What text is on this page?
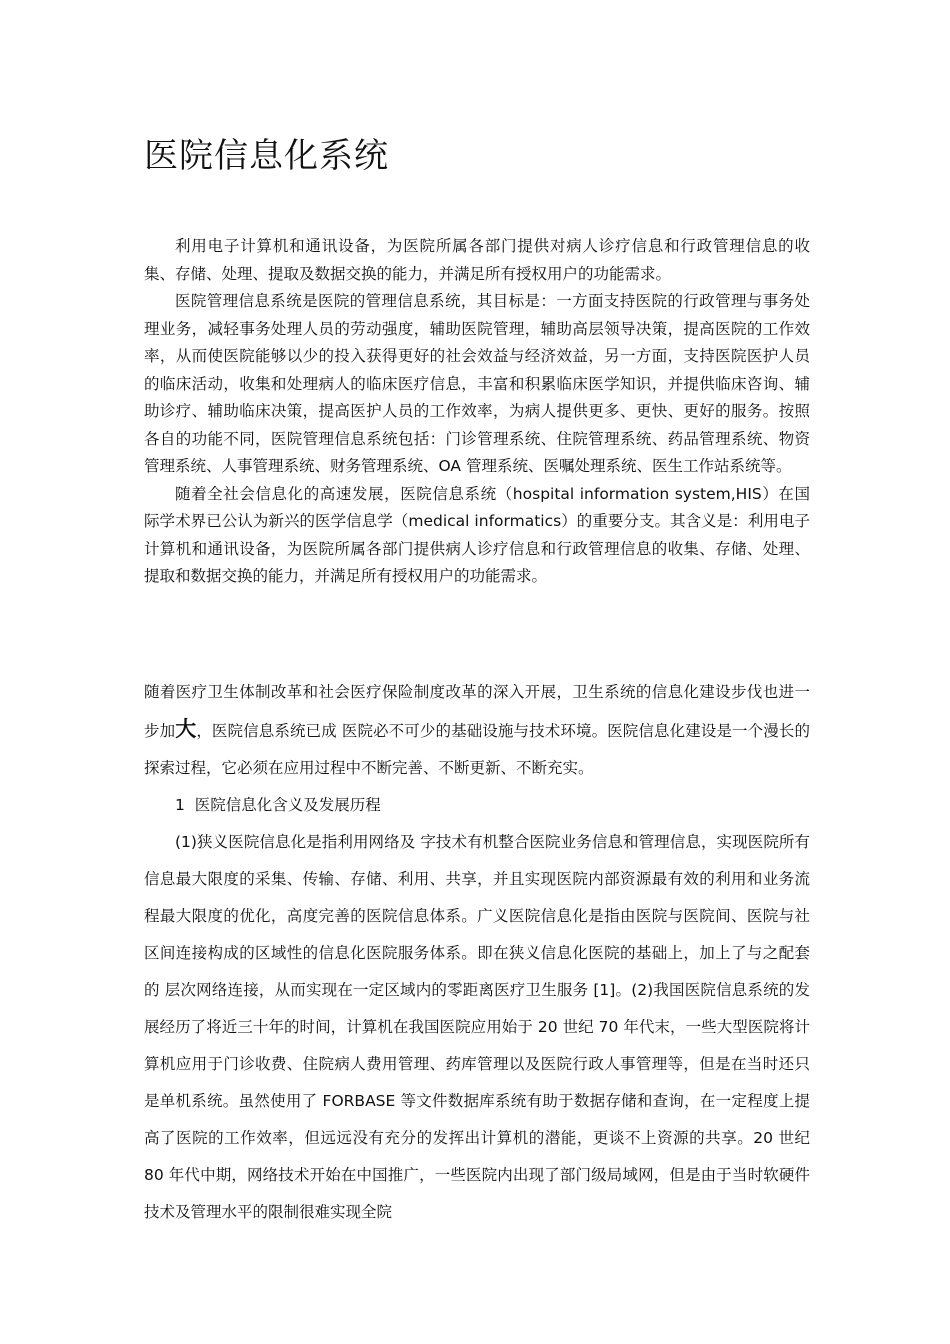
医院信息化系统

利用电子计算机和通讯设备，为医院所属各部门提供对病人诊疗信息和行政管理信息的收集、存储、处理、提取及数据交换的能力，并满足所有授权用户的功能需求。

医院管理信息系统是医院的管理信息系统，其目标是：一方面支持医院的行政管理与事务处理业务，减轻事务处理人员的劳动强度，辅助医院管理，辅助高层领导决策，提高医院的工作效率，从而使医院能够以少的投入获得更好的社会效益与经济效益，另一方面，支持医院医护人员的临床活动，收集和处理病人的临床医疗信息，丰富和积累临床医学知识，并提供临床咨询、辅助诊疗、辅助临床决策，提高医护人员的工作效率，为病人提供更多、更快、更好的服务。按照各自的功能不同，医院管理信息系统包括：门诊管理系统、住院管理系统、药品管理系统、物资管理系统、人事管理系统、财务管理系统、OA 管理系统、医嘱处理系统、医生工作站系统等。

随着全社会信息化的高速发展，医院信息系统（hospital information system,HIS）在国际学术界已公认为新兴的医学信息学（medical informatics）的重要分支。其含义是：利用电子计算机和通讯设备，为医院所属各部门提供病人诊疗信息和行政管理信息的收集、存储、处理、提取和数据交换的能力，并满足所有授权用户的功能需求。

随着医疗卫生体制改革和社会医疗保险制度改革的深入开展，卫生系统的信息化建设步伐也进一步加大，医院信息系统已成 医院必不可少的基础设施与技术环境。医院信息化建设是一个漫长的探索过程，它必须在应用过程中不断完善、不断更新、不断充实。

1 医院信息化含义及发展历程

(1)狭义医院信息化是指利用网络及 字技术有机整合医院业务信息和管理信息，实现医院所有信息最大限度的采集、传输、存储、利用、共享，并且实现医院内部资源最有效的利用和业务流程最大限度的优化，高度完善的医院信息体系。广义医院信息化是指由医院与医院间、医院与社区间连接构成的区域性的信息化医院服务体系。即在狭义信息化医院的基础上，加上了与之配套的 层次网络连接，从而实现在一定区域内的零距离医疗卫生服务 [1]。(2)我国医院信息系统的发展经历了将近三十年的时间，计算机在我国医院应用始于 20 世纪 70 年代末，一些大型医院将计算机应用于门诊收费、住院病人费用管理、药库管理以及医院行政人事管理等，但是在当时还只是单机系统。虽然使用了 FORBASE 等文件数据库系统有助于数据存储和查询，在一定程度上提高了医院的工作效率，但远远没有充分的发挥出计算机的潜能，更谈不上资源的共享。20 世纪 80 年代中期，网络技术开始在中国推广，一些医院内出现了部门级局域网，但是由于当时软硬件技术及管理水平的限制很难实现全院
